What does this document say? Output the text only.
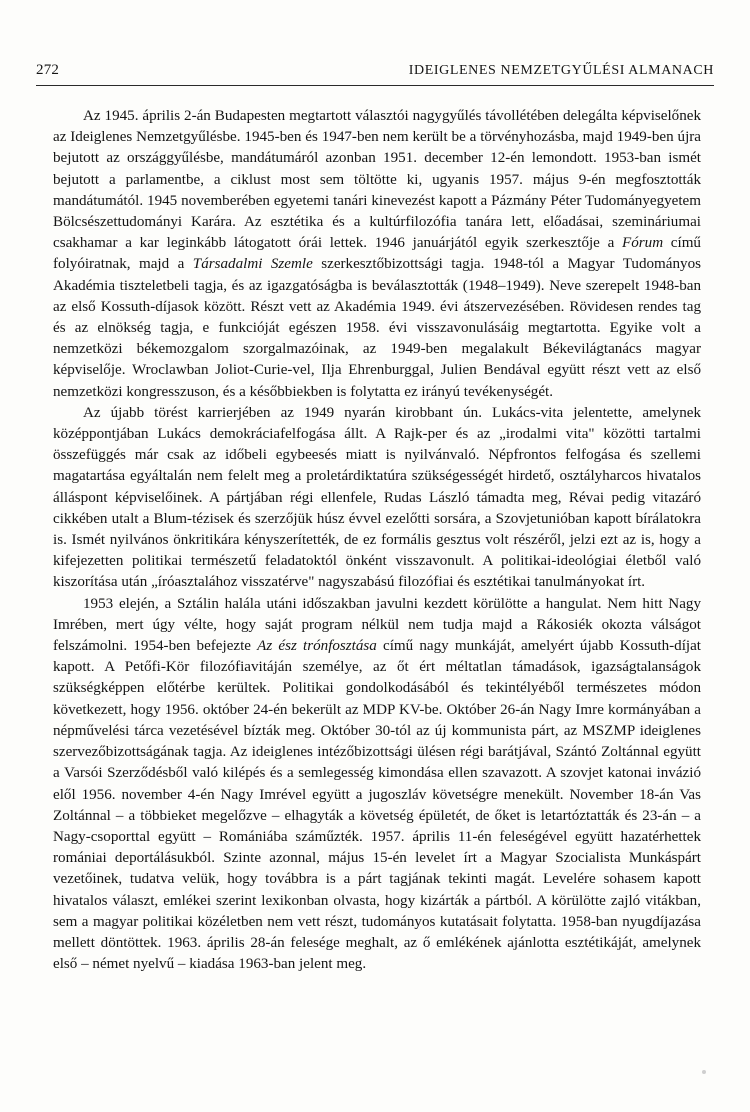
272	IDEIGLENES NEMZETGYŰLÉSI ALMANACH

Az 1945. április 2-án Budapesten megtartott választói nagygyűlés távollétében delegálta képviselőnek az Ideiglenes Nemzetgyűlésbe. 1945-ben és 1947-ben nem került be a törvényhozásba, majd 1949-ben újra bejutott az országgyűlésbe, mandátumáról azonban 1951. december 12-én lemondott. 1953-ban ismét bejutott a parlamentbe, a ciklust most sem töltötte ki, ugyanis 1957. május 9-én megfosztották mandátumától. 1945 novemberében egyetemi tanári kinevezést kapott a Pázmány Péter Tudományegyetem Bölcsészettudományi Karára. Az esztétika és a kultúrfilozófia tanára lett, előadásai, szemináriumai csakhamar a kar leginkább látogatott órái lettek. 1946 januárjától egyik szerkesztője a Fórum című folyóiratnak, majd a Társadalmi Szemle szerkesztőbizottsági tagja. 1948-tól a Magyar Tudományos Akadémia tiszteletbeli tagja, és az igazgatóságba is beválasztották (1948–1949). Neve szerepelt 1948-ban az első Kossuth-díjasok között. Részt vett az Akadémia 1949. évi átszervezésében. Rövidesen rendes tag és az elnökség tagja, e funkcióját egészen 1958. évi visszavonulásáig megtartotta. Egyike volt a nemzetközi békemozgalom szorgalmazóinak, az 1949-ben megalakult Békevilágtanács magyar képviselője. Wroclawban Joliot-Curie-vel, Ilja Ehrenburggal, Julien Bendával együtt részt vett az első nemzetközi kongresszuson, és a későbbiekben is folytatta ez irányú tevékenységét.

Az újabb törést karrierjében az 1949 nyarán kirobbant ún. Lukács-vita jelentette, amelynek középpontjában Lukács demokráciafelfogása állt. A Rajk-per és az „irodalmi vita" közötti tartalmi összefüggés már csak az időbeli egybeesés miatt is nyilvánvaló. Népfrontos felfogása és szellemi magatartása egyáltalán nem felelt meg a proletárdiktatúra szükségességét hirdető, osztályharcos hivatalos álláspont képviselőinek. A pártjában régi ellenfele, Rudas László támadta meg, Révai pedig vitazáró cikkében utalt a Blum-tézisek és szerzőjük húsz évvel ezelőtti sorsára, a Szovjetunióban kapott bírálatokra is. Ismét nyilvános önkritikára kényszerítették, de ez formális gesztus volt részéről, jelzi ezt az is, hogy a kifejezetten politikai természetű feladatoktól önként visszavonult. A politikai-ideológiai életből való kiszorítása után „íróasztalához visszatérve" nagyszabású filozófiai és esztétikai tanulmányokat írt.

1953 elején, a Sztálin halála utáni időszakban javulni kezdett körülötte a hangulat. Nem hitt Nagy Imrében, mert úgy vélte, hogy saját program nélkül nem tudja majd a Rákosiék okozta válságot felszámolni. 1954-ben befejezte Az ész trónfosztása című nagy munkáját, amelyért újabb Kossuth-díjat kapott. A Petőfi-Kör filozófiavitáján személye, az őt ért méltatlan támadások, igazságtalanságok szükségképpen előtérbe kerültek. Politikai gondolkodásából és tekintélyéből természetes módon következett, hogy 1956. október 24-én bekerült az MDP KV-be. Október 26-án Nagy Imre kormányában a népművelési tárca vezetésével bízták meg. Október 30-tól az új kommunista párt, az MSZMP ideiglenes szervezőbizottságának tagja. Az ideiglenes intézőbizottsági ülésen régi barátjával, Szántó Zoltánnal együtt a Varsói Szerződésből való kilépés és a semlegesség kimondása ellen szavazott. A szovjet katonai invázió elől 1956. november 4-én Nagy Imrével együtt a jugoszláv követségre menekült. November 18-án Vas Zoltánnal – a többieket megelőzve – elhagyták a követség épületét, de őket is letartóztatták és 23-án – a Nagy-csoporttal együtt – Romániába száműzték. 1957. április 11-én feleségével együtt hazatérhettek romániai deportálásukból. Szinte azonnal, május 15-én levelet írt a Magyar Szocialista Munkáspárt vezetőinek, tudatva velük, hogy továbbra is a párt tagjának tekinti magát. Levelére sohasem kapott hivatalos választ, emlékei szerint lexikonban olvasta, hogy kizárták a pártból. A körülötte zajló vitákban, sem a magyar politikai közéletben nem vett részt, tudományos kutatásait folytatta. 1958-ban nyugdíjazása mellett döntöttek. 1963. április 28-án felesége meghalt, az ő emlékének ajánlotta esztétikáját, amelynek első – német nyelvű – kiadása 1963-ban jelent meg.
